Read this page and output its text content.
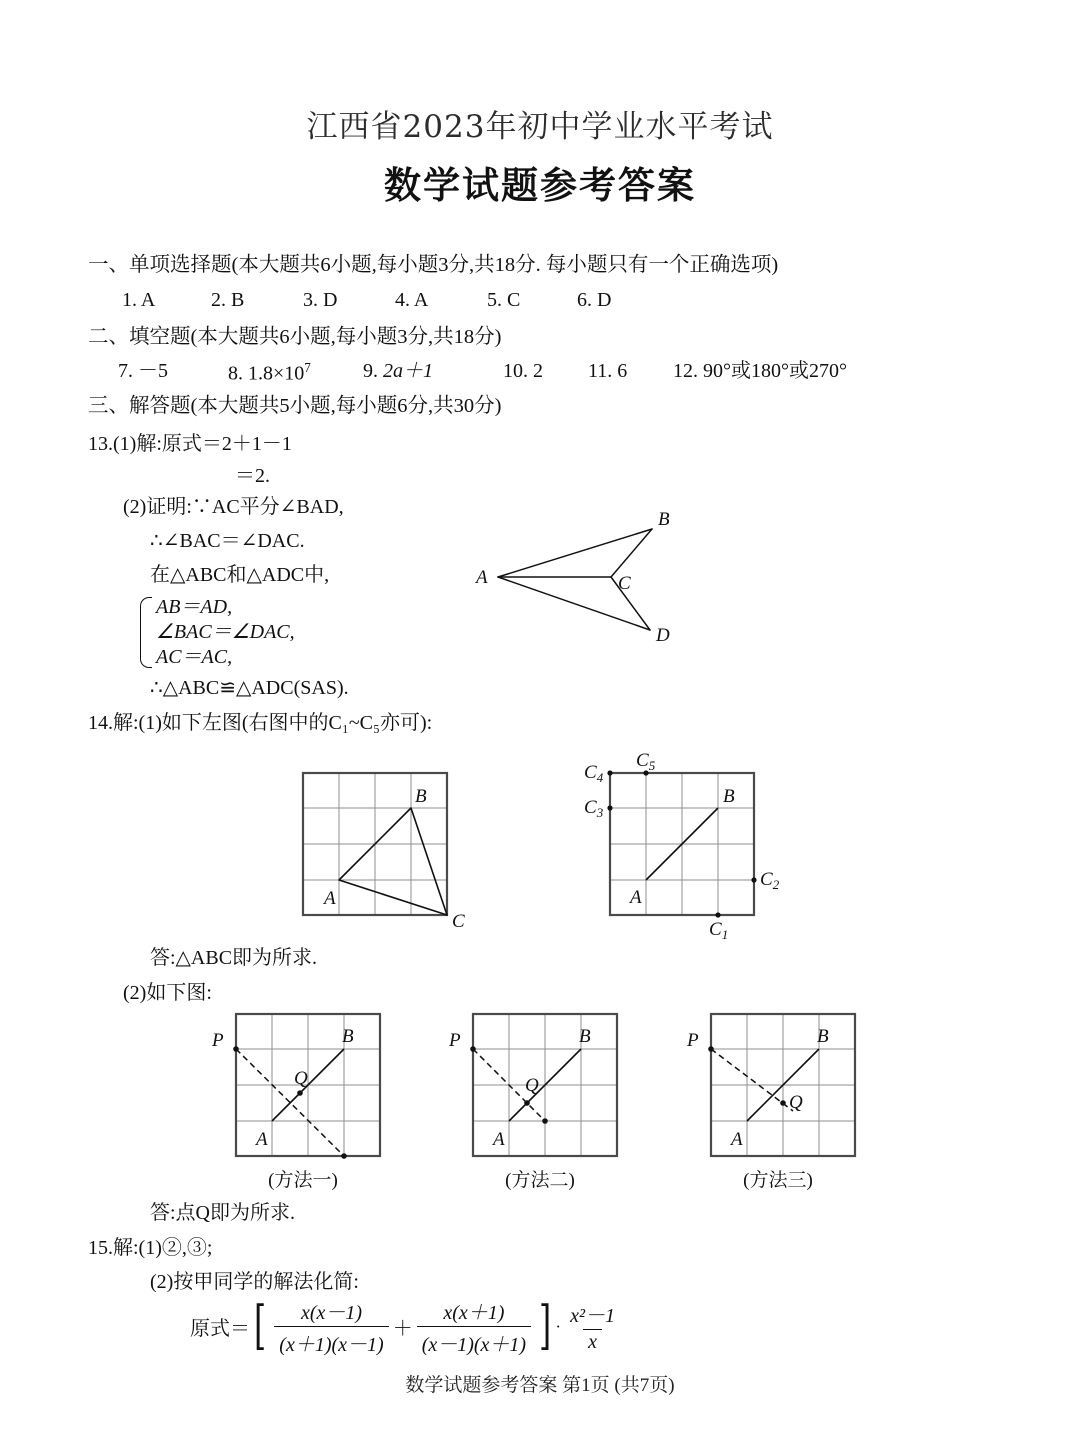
江西省2023年初中学业水平考试
数学试题参考答案
一、单项选择题(本大题共6小题,每小题3分,共18分. 每小题只有一个正确选项)
1. A	2. B	3. D	4. A	5. C	6. D
二、填空题(本大题共6小题,每小题3分,共18分)
7. －5	8. $1.8\times 10^7$	9. 2a＋1	10. 2 11. 6 12. 90°或180°或270°
三、解答题(本大题共5小题,每小题6分,共30分)
13.(1)解:原式＝2＋1－1
＝2.
(2)证明:∵AC平分∠BAD,
∴∠BAC＝∠DAC.
在△ABC和△ADC中,
AB＝AD,
∠BAC＝∠DAC,
AC＝AC,
∴△ABC≌△ADC(SAS).
A
B
C
D
14.解:(1)如下左图(右图中的C₁~C₅亦可):
A
B
C
A
B
$C_1$
$C_2$
$C_3$
$C_4$
$C_5$
答:△ABC即为所求.
(2)如下图:
P
Q
A
B	P
Q
A
B	P
Q
A
B
(方法一)	(方法二)	(方法三)
答:点Q即为所求.
15.解:(1)②,③;
(2)按甲同学的解法化简:
原式＝ [ $\frac{x(x-1)}{(x+1)(x-1)} + \frac{x(x+1)}{(x-1)(x+1)}$ ] · $\frac{\text{x²－1}}{x}$
数学试题参考答案 第1页 (共7页)
